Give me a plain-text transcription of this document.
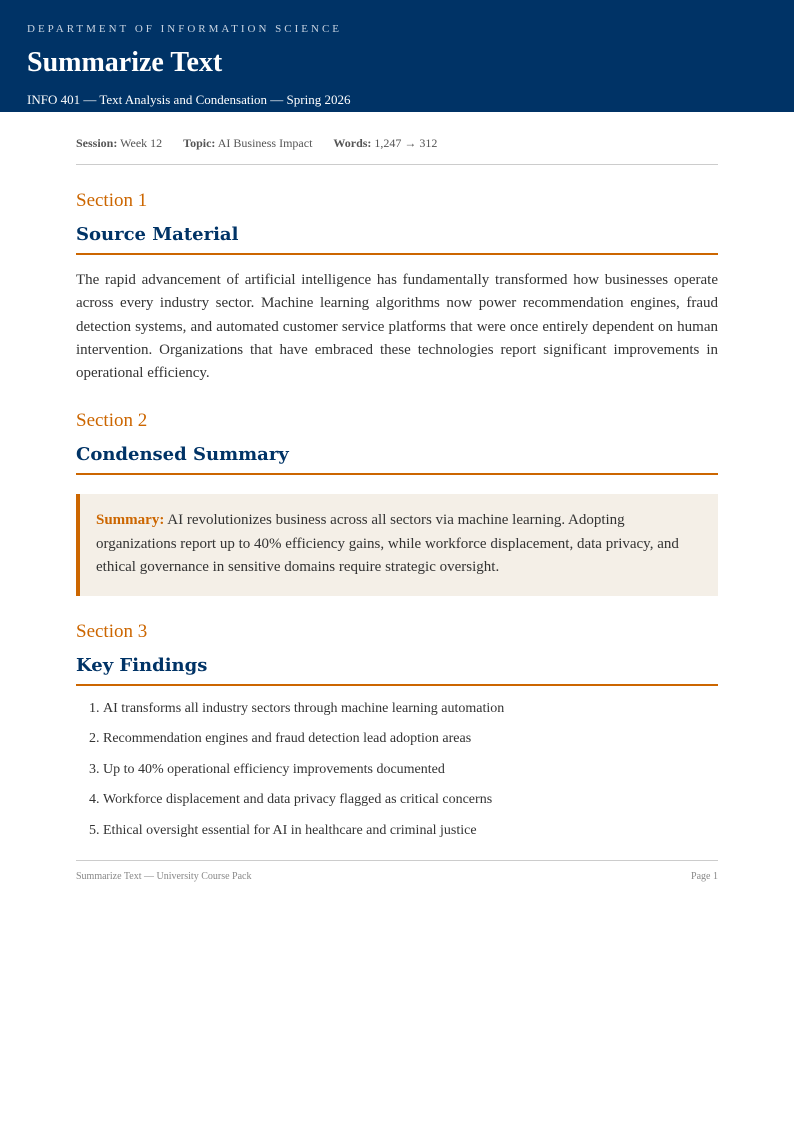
DEPARTMENT OF INFORMATION SCIENCE
Summarize Text
INFO 401 — Text Analysis and Condensation — Spring 2026
Session: Week 12 Topic: AI Business Impact Words: 1,247 → 312
Section 1
Source Material

The rapid advancement of artificial intelligence has fundamentally transformed how businesses operate across every industry sector. Machine learning algorithms now power recommendation engines, fraud detection systems, and automated customer service platforms that were once entirely dependent on human intervention. Organizations that have embraced these technologies report significant improvements in operational efficiency.

Section 2
Condensed Summary
Summary: AI revolutionizes business across all sectors via machine learning. Adopting organizations report up to 40% efficiency gains, while workforce displacement, data privacy, and ethical governance in sensitive domains require strategic oversight.
Section 3
Key Findings
1. AI transforms all industry sectors through machine learning automation
2. Recommendation engines and fraud detection lead adoption areas
3. Up to 40% operational efficiency improvements documented
4. Workforce displacement and data privacy flagged as critical concerns
5. Ethical oversight essential for AI in healthcare and criminal justice
Summarize Text — University Course Pack	Page 1
